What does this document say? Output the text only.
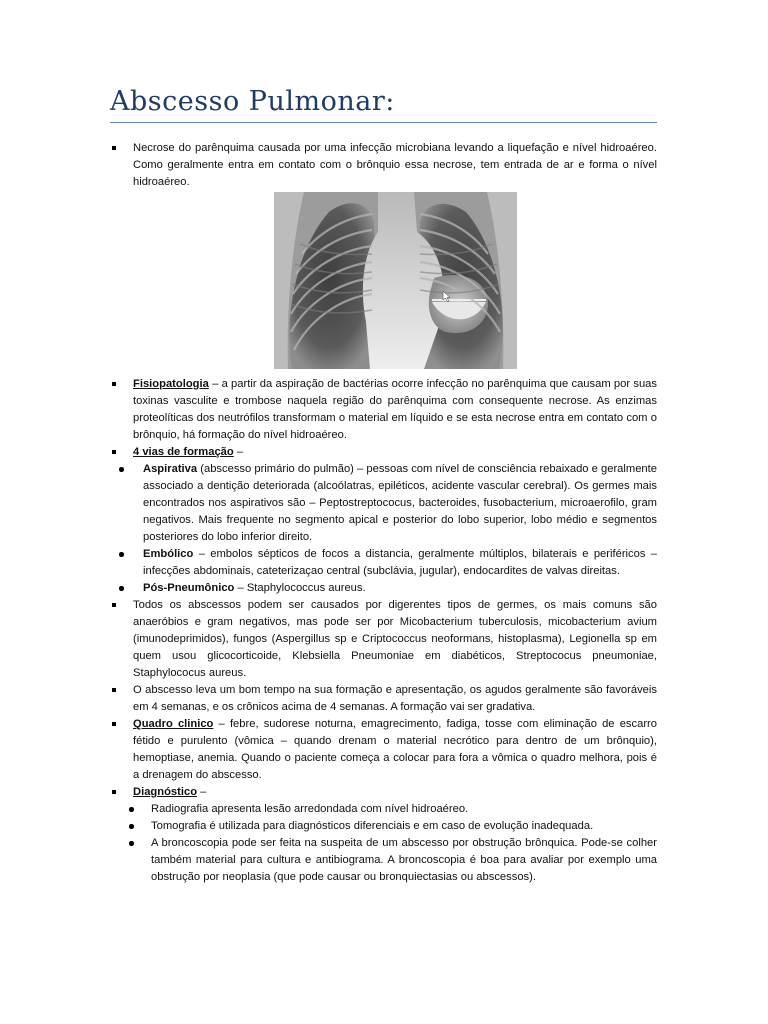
Abscesso Pulmonar:
Necrose do parênquima causada por uma infecção microbiana levando a liquefação e nível hidroaéreo. Como geralmente entra em contato com o brônquio essa necrose, tem entrada de ar e forma o nível hidroaéreo.
Fisiopatologia – a partir da aspiração de bactérias ocorre infecção no parênquima que causam por suas toxinas vasculite e trombose naquela região do parênquima com consequente necrose. As enzimas proteolíticas dos neutrófilos transformam o material em líquido e se esta necrose entra em contato com o brônquio, há formação do nível hidroaéreo.
4 vias de formação –
Aspirativa (abscesso primário do pulmão) – pessoas com nível de consciência rebaixado e geralmente associado a dentição deteriorada (alcoólatras, epiléticos, acidente vascular cerebral). Os germes mais encontrados nos aspirativos são – Peptostreptococus, bacteroides, fusobacterium, microaerofilo, gram negativos. Mais frequente no segmento apical e posterior do lobo superior, lobo médio e segmentos posteriores do lobo inferior direito.
Embólico – embolos sépticos de focos a distancia, geralmente múltiplos, bilaterais e periféricos – infecções abdominais, cateterizaçao central (subclávia, jugular), endocardites de valvas direitas.
Pós-Pneumônico – Staphylococcus aureus.
Todos os abscessos podem ser causados por digerentes tipos de germes, os mais comuns são anaeróbios e gram negativos, mas pode ser por Micobacterium tuberculosis, micobacterium avium (imunodeprimidos), fungos (Aspergillus sp e Criptococcus neoformans, histoplasma), Legionella sp em quem usou glicocorticoide, Klebsiella Pneumoniae em diabéticos, Streptococus pneumoniae, Staphylococus aureus.
O abscesso leva um bom tempo na sua formação e apresentação, os agudos geralmente são favoráveis em 4 semanas, e os crônicos acima de 4 semanas. A formação vai ser gradativa.
Quadro clinico – febre, sudorese noturna, emagrecimento, fadiga, tosse com eliminação de escarro fétido e purulento (vômica – quando drenam o material necrótico para dentro de um brônquio), hemoptiase, anemia. Quando o paciente começa a colocar para fora a vômica o quadro melhora, pois é a drenagem do abscesso.
Diagnóstico –
Radiografia apresenta lesão arredondada com nível hidroaéreo.
Tomografia é utilizada para diagnósticos diferenciais e em caso de evolução inadequada.
A broncoscopia pode ser feita na suspeita de um abscesso por obstrução brônquica. Pode-se colher também material para cultura e antibiograma. A broncoscopia é boa para avaliar por exemplo uma obstrução por neoplasia (que pode causar ou bronquiectasias ou abscessos).
